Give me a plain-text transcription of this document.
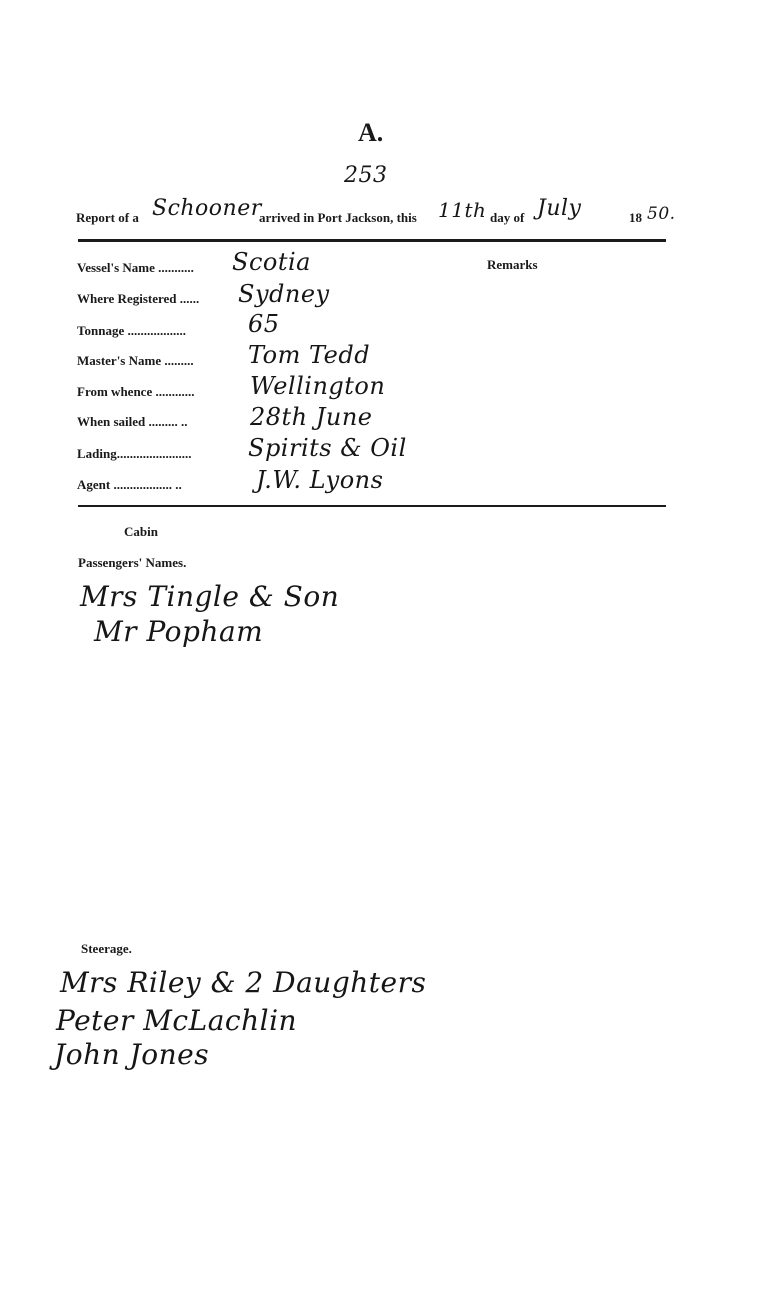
A.
253
Report of a Schooner
arrived in Port Jackson, this 11th day of July	18 50.
Remarks
Vessel's Name ........... Scotia
Where Registered ...... Sydney
Tonnage ..................	65
Master's Name ......... Tom Tedd
From whence ............ Wellington
When sailed ......... ..	28th June
Lading....................... Spirits & Oil
Agent .................. ..	J.W. Lyons
Cabin
Passengers' Names.
Mrs Tingle & Son
Mr Popham
Steerage.
Mrs Riley & 2 Daughters
Peter McLachlin
John Jones
